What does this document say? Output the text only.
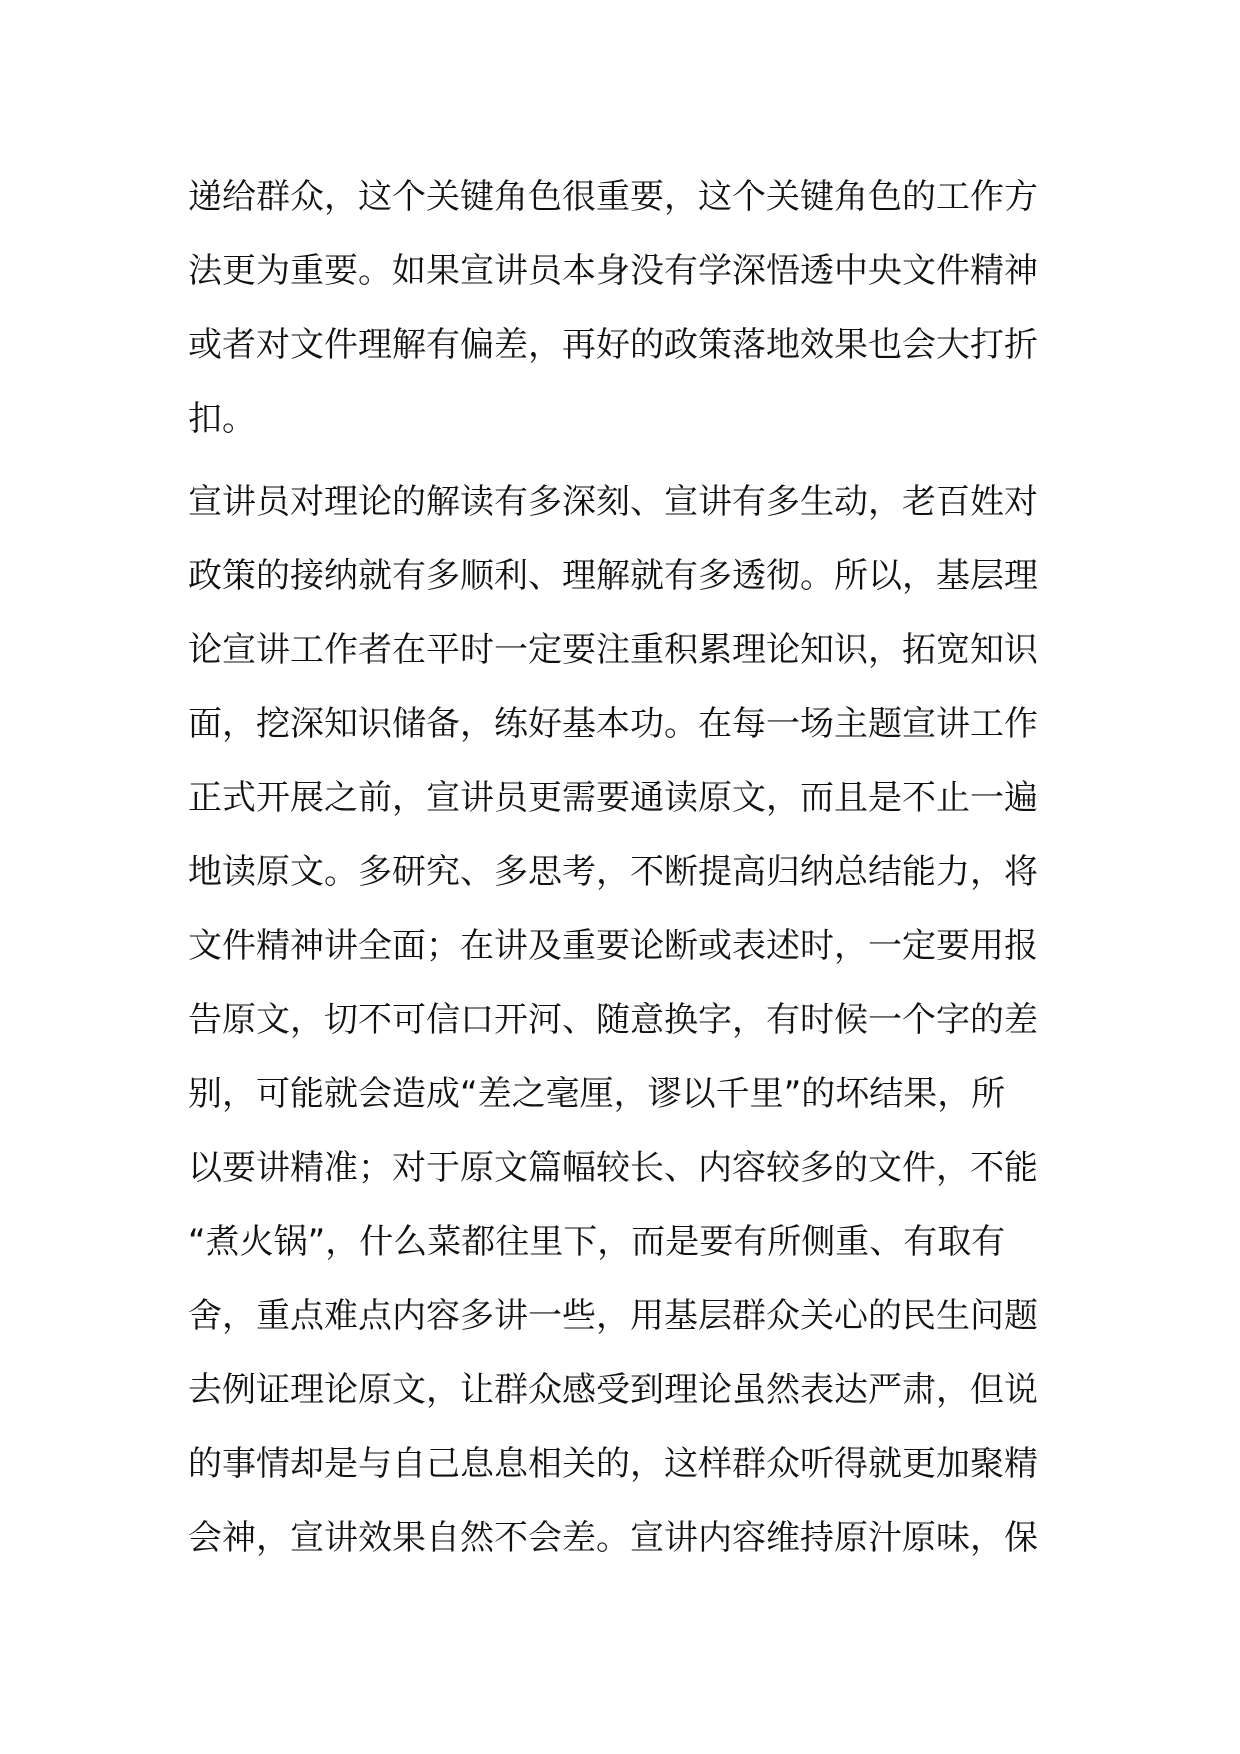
递给群众，这个关键角色很重要，这个关键角色的工作方
法更为重要。如果宣讲员本身没有学深悟透中央文件精神
或者对文件理解有偏差，再好的政策落地效果也会大打折
扣。
宣讲员对理论的解读有多深刻、宣讲有多生动，老百姓对
政策的接纳就有多顺利、理解就有多透彻。所以，基层理
论宣讲工作者在平时一定要注重积累理论知识，拓宽知识
面，挖深知识储备，练好基本功。在每一场主题宣讲工作
正式开展之前，宣讲员更需要通读原文，而且是不止一遍
地读原文。多研究、多思考，不断提高归纳总结能力，将
文件精神讲全面；在讲及重要论断或表述时，一定要用报
告原文，切不可信口开河、随意换字，有时候一个字的差
别，可能就会造成“差之毫厘，谬以千里”的坏结果，所
以要讲精准；对于原文篇幅较长、内容较多的文件，不能
“煮火锅”，什么菜都往里下，而是要有所侧重、有取有
舍，重点难点内容多讲一些，用基层群众关心的民生问题
去例证理论原文，让群众感受到理论虽然表达严肃，但说
的事情却是与自己息息相关的，这样群众听得就更加聚精
会神，宣讲效果自然不会差。宣讲内容维持原汁原味，保
